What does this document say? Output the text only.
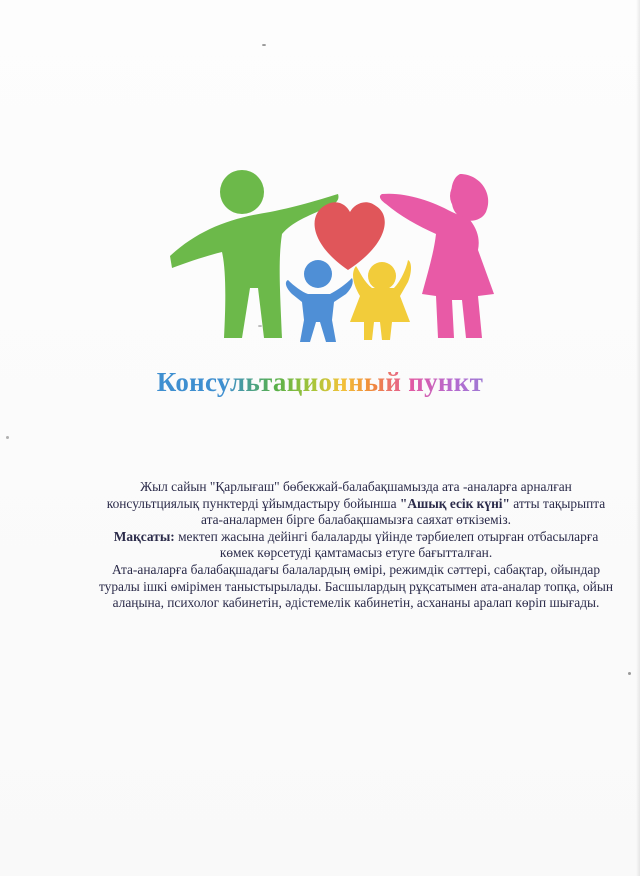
Консультационный пункт

Жыл сайын "Қарлығаш" бөбекжай-балабақшамызда ата -аналарға арналған консультциялық пунктерді ұйымдастыру бойынша "Ашық есік күні" атты тақырыпта ата-аналармен бірге балабақшамызға саяхат өткіземіз.

Мақсаты: мектеп жасына дейінгі балаларды үйінде тәрбиелеп отырған отбасыларға көмек көрсетуді қамтамасыз етуге бағытталған.

Ата-аналарға балабақшадағы балалардың өмірі, режимдік сәттері, сабақтар, ойындар туралы ішкі өмірімен таныстырылады. Басшылардың рұқсатымен ата-аналар топқа, ойын алаңына, психолог кабинетін, әдістемелік кабинетін, асхананы аралап көріп шығады.
